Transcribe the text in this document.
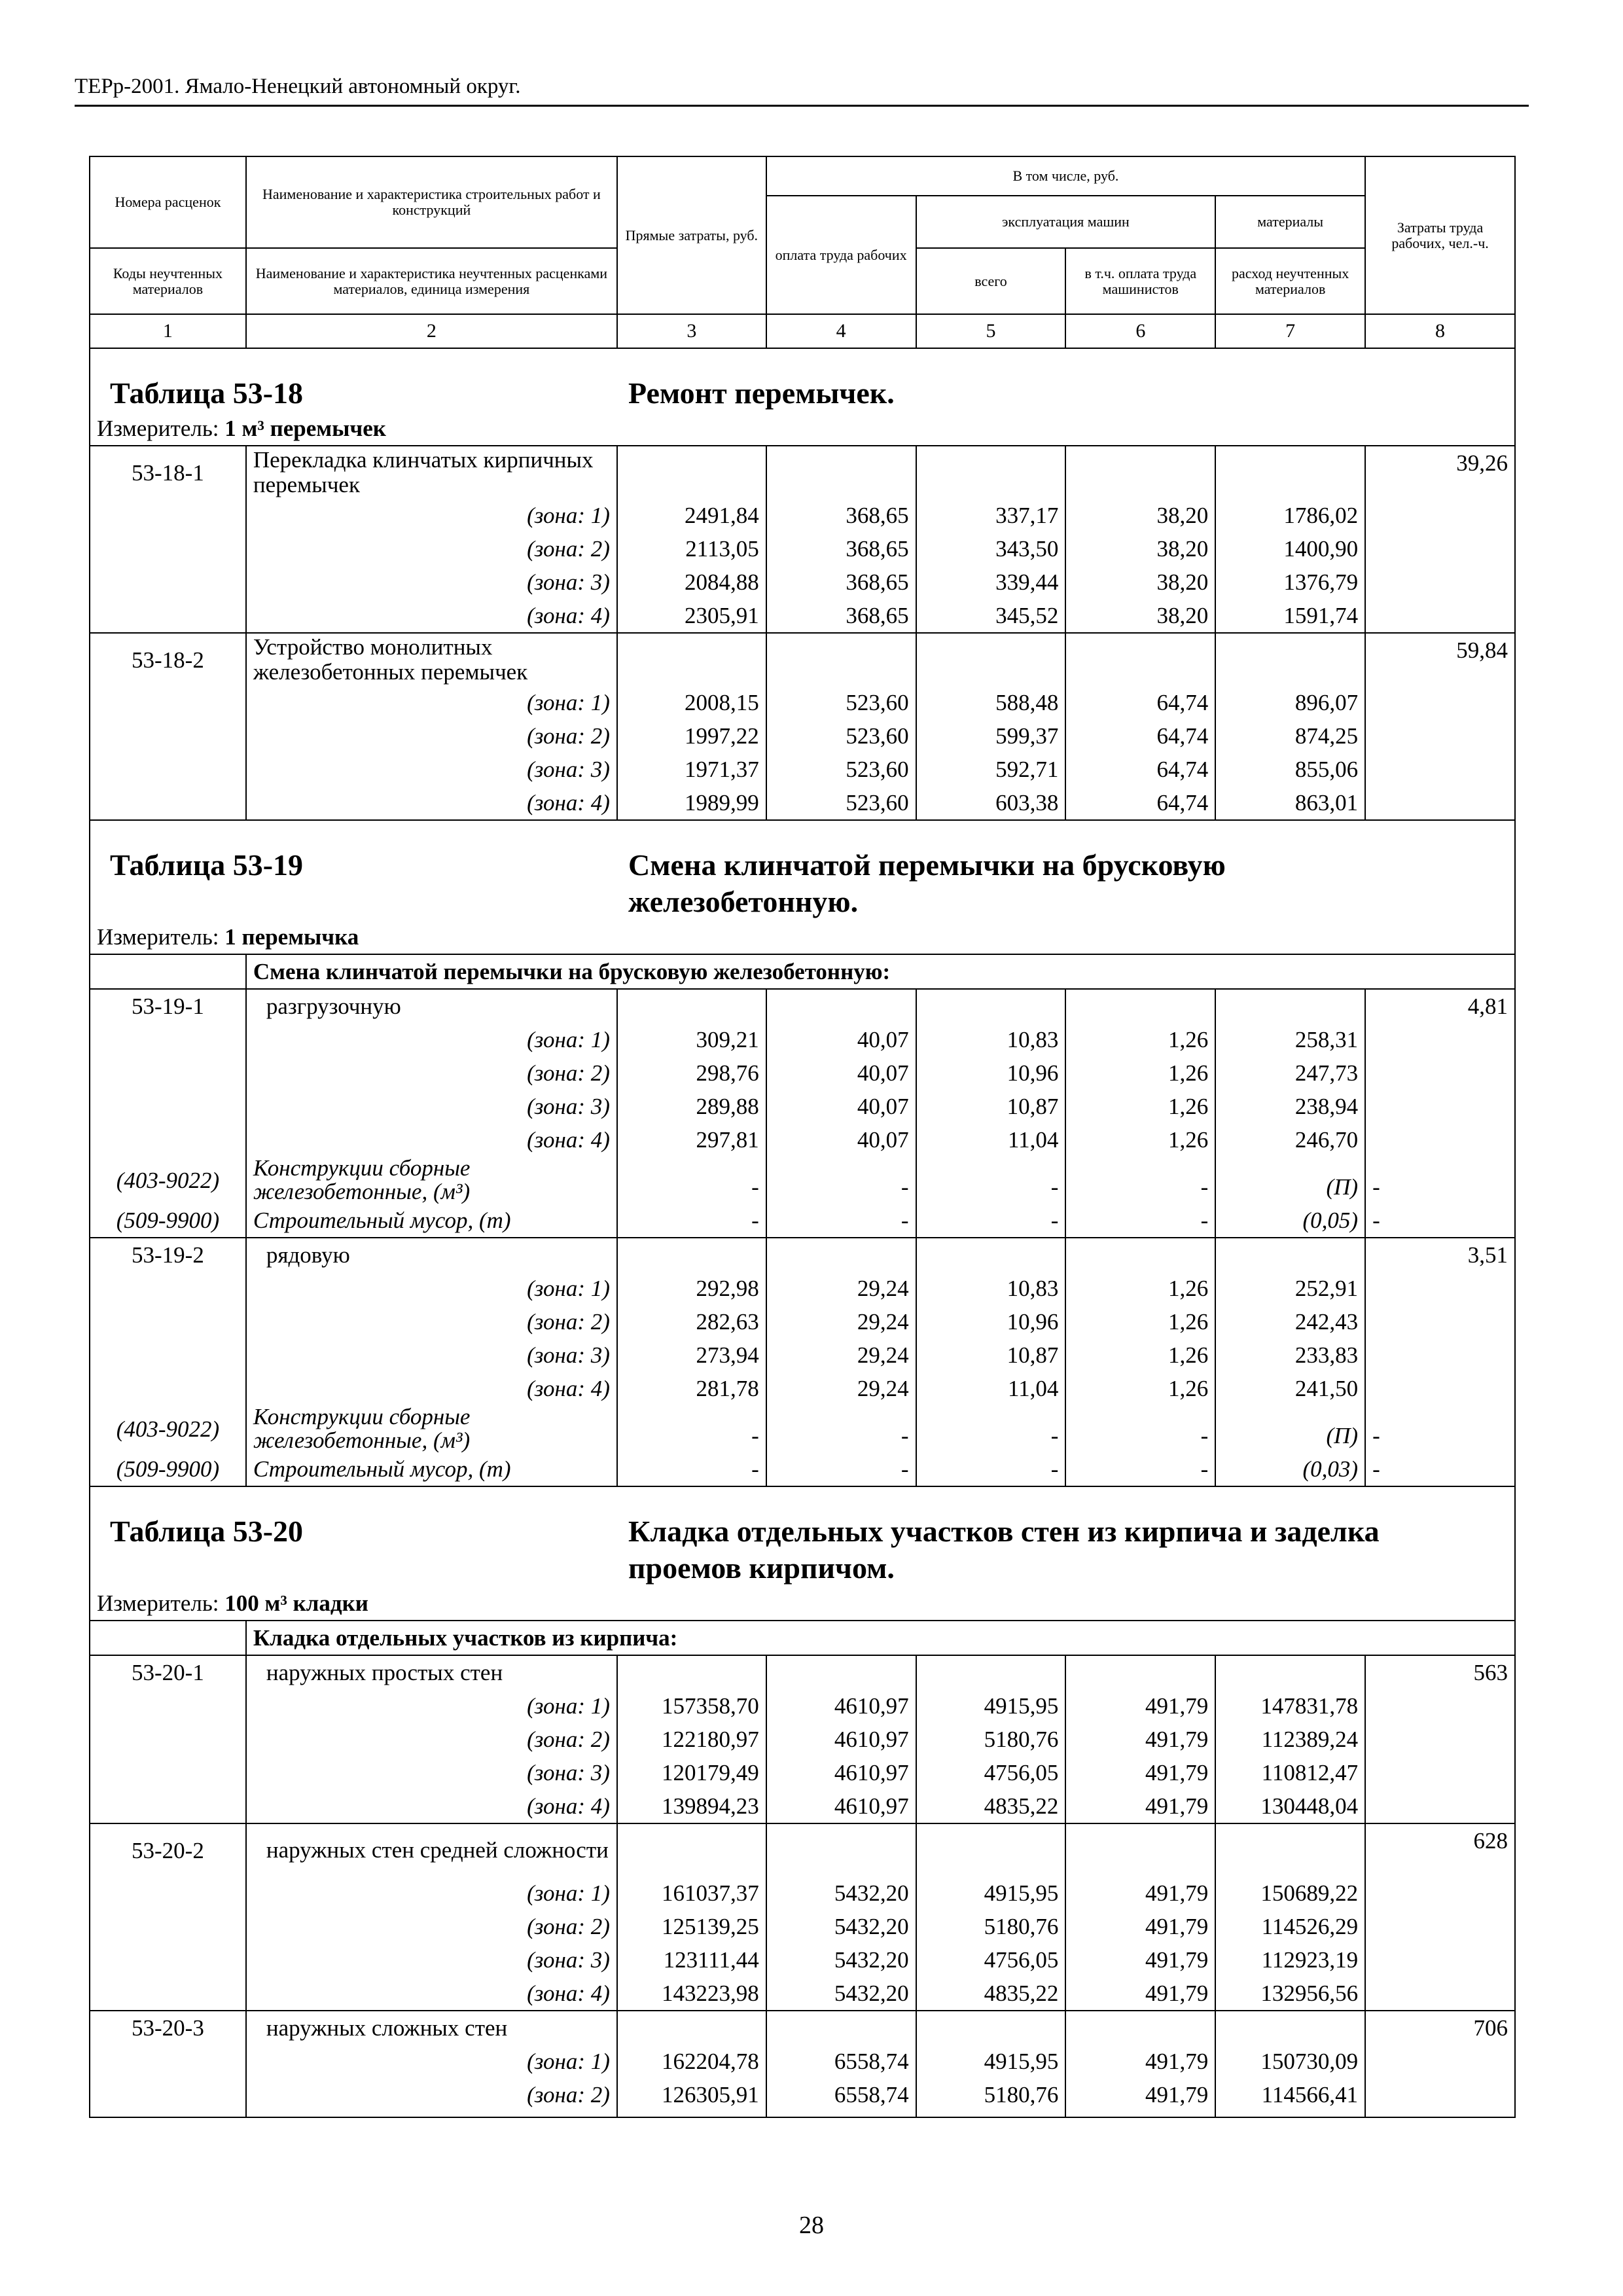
ТЕРр-2001. Ямало-Ненецкий автономный округ.
Номера расценок	Наименование и характеристика строительных работ и конструкций	Прямые затраты, руб.	В том числе, руб.				Затраты труда рабочих, чел.-ч.
			оплата труда рабочих	эксплуатация машин		материалы	
Коды неучтенных материалов	Наименование и характеристика неучтенных расценками материалов, единица измерения			всего	в т.ч. оплата труда машинистов	расход неучтенных материалов	
1	2	3	4	5	6	7	8

Таблица 53-18 Ремонт перемычек.							

Измеритель: 1 м³ перемычек							
53-18-1	Перекладка клинчатых кирпичных перемычек						39,26
	(зона: 1)	2491,84	368,65	337,17	38,20	1786,02	
	(зона: 2)	2113,05	368,65	343,50	38,20	1400,90	
	(зона: 3)	2084,88	368,65	339,44	38,20	1376,79	
	(зона: 4)	2305,91	368,65	345,52	38,20	1591,74	
53-18-2	Устройство монолитных железобетонных перемычек						59,84
	(зона: 1)	2008,15	523,60	588,48	64,74	896,07	
	(зона: 2)	1997,22	523,60	599,37	64,74	874,25	
	(зона: 3)	1971,37	523,60	592,71	64,74	855,06	
	(зона: 4)	1989,99	523,60	603,38	64,74	863,01	

Таблица 53-19 Смена клинчатой перемычки на брусковую железобетонную.							

Измеритель: 1 перемычка							
	Смена клинчатой перемычки на брусковую железобетонную:						
53-19-1	разгрузочную						4,81
	(зона: 1)	309,21	40,07	10,83	1,26	258,31	
	(зона: 2)	298,76	40,07	10,96	1,26	247,73	
	(зона: 3)	289,88	40,07	10,87	1,26	238,94	
	(зона: 4)	297,81	40,07	11,04	1,26	246,70	
(403-9022)	Конструкции сборные железобетонные, (м³)	-	-	-	-	(П)	-
(509-9900)	Строительный мусор, (т)	-	-	-	-	(0,05)	-
53-19-2	рядовую						3,51
	(зона: 1)	292,98	29,24	10,83	1,26	252,91	
	(зона: 2)	282,63	29,24	10,96	1,26	242,43	
	(зона: 3)	273,94	29,24	10,87	1,26	233,83	
	(зона: 4)	281,78	29,24	11,04	1,26	241,50	
(403-9022)	Конструкции сборные железобетонные, (м³)	-	-	-	-	(П)	-
(509-9900)	Строительный мусор, (т)	-	-	-	-	(0,03)	-

Таблица 53-20 Кладка отдельных участков стен из кирпича и заделка проемов кирпичом.							

Измеритель: 100 м³ кладки							
	Кладка отдельных участков из кирпича:						
53-20-1	наружных простых стен						563
	(зона: 1)	157358,70	4610,97	4915,95	491,79	147831,78	
	(зона: 2)	122180,97	4610,97	5180,76	491,79	112389,24	
	(зона: 3)	120179,49	4610,97	4756,05	491,79	110812,47	
	(зона: 4)	139894,23	4610,97	4835,22	491,79	130448,04	
53-20-2	наружных стен средней сложности						628
	(зона: 1)	161037,37	5432,20	4915,95	491,79	150689,22	
	(зона: 2)	125139,25	5432,20	5180,76	491,79	114526,29	
	(зона: 3)	123111,44	5432,20	4756,05	491,79	112923,19	
	(зона: 4)	143223,98	5432,20	4835,22	491,79	132956,56	
53-20-3	наружных сложных стен						706
	(зона: 1)	162204,78	6558,74	4915,95	491,79	150730,09	
	(зона: 2)	126305,91	6558,74	5180,76	491,79	114566,41	

28
